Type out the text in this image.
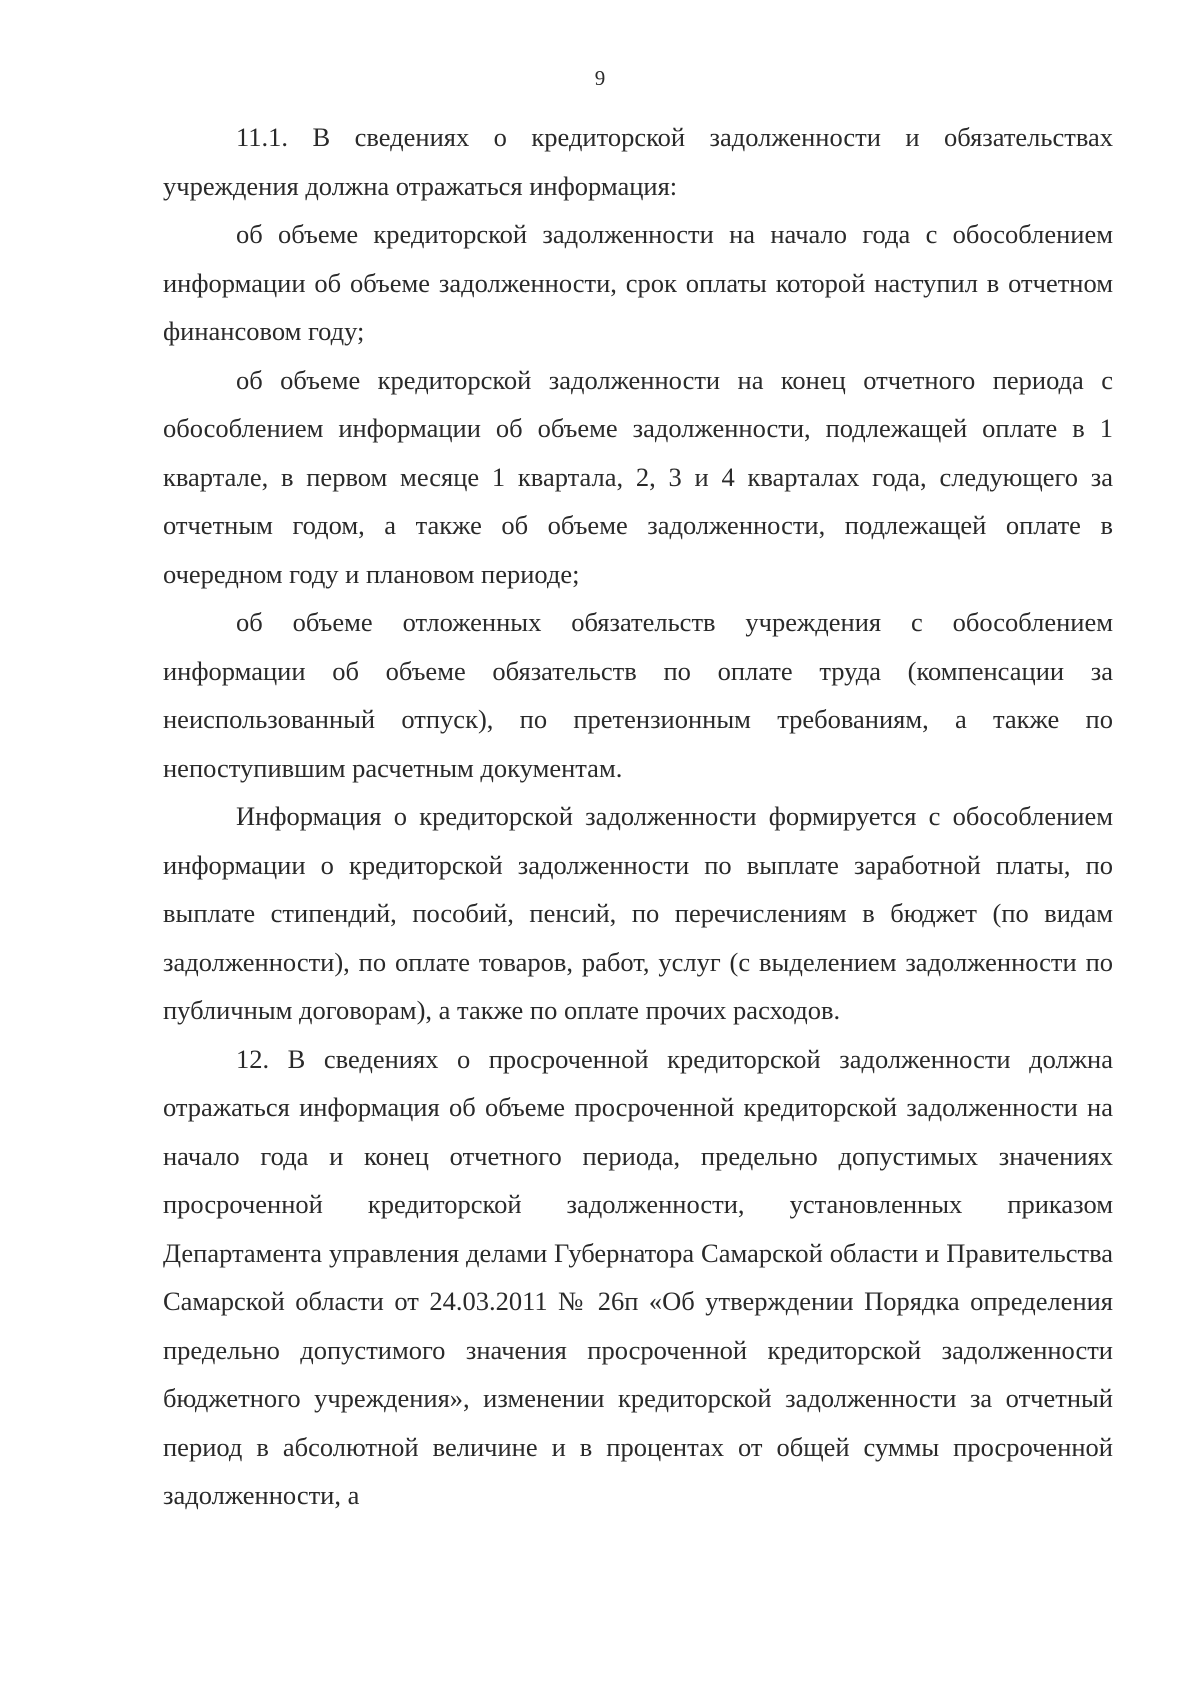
9

11.1. В сведениях о кредиторской задолженности и обязательствах учреждения должна отражаться информация:

об объеме кредиторской задолженности на начало года с обособлением информации об объеме задолженности, срок оплаты которой наступил в отчетном финансовом году;

об объеме кредиторской задолженности на конец отчетного периода с обособлением информации об объеме задолженности, подлежащей оплате в 1 квартале, в первом месяце 1 квартала, 2, 3 и 4 кварталах года, следующего за отчетным годом, а также об объеме задолженности, подлежащей оплате в очередном году и плановом периоде;

об объеме отложенных обязательств учреждения с обособлением информации об объеме обязательств по оплате труда (компенсации за неиспользованный отпуск), по претензионным требованиям, а также по непоступившим расчетным документам.

Информация о кредиторской задолженности формируется с обособлением информации о кредиторской задолженности по выплате заработной платы, по выплате стипендий, пособий, пенсий, по перечислениям в бюджет (по видам задолженности), по оплате товаров, работ, услуг (с выделением задолженности по публичным договорам), а также по оплате прочих расходов.

12. В сведениях о просроченной кредиторской задолженности должна отражаться информация об объеме просроченной кредиторской задолженности на начало года и конец отчетного периода, предельно допустимых значениях просроченной кредиторской задолженности, установленных приказом Департамента управления делами Губернатора Самарской области и Правительства Самарской области от 24.03.2011 № 26п «Об утверждении Порядка определения предельно допустимого значения просроченной кредиторской задолженности бюджетного учреждения», изменении кредиторской задолженности за отчетный период в абсолютной величине и в процентах от общей суммы просроченной задолженности, а
